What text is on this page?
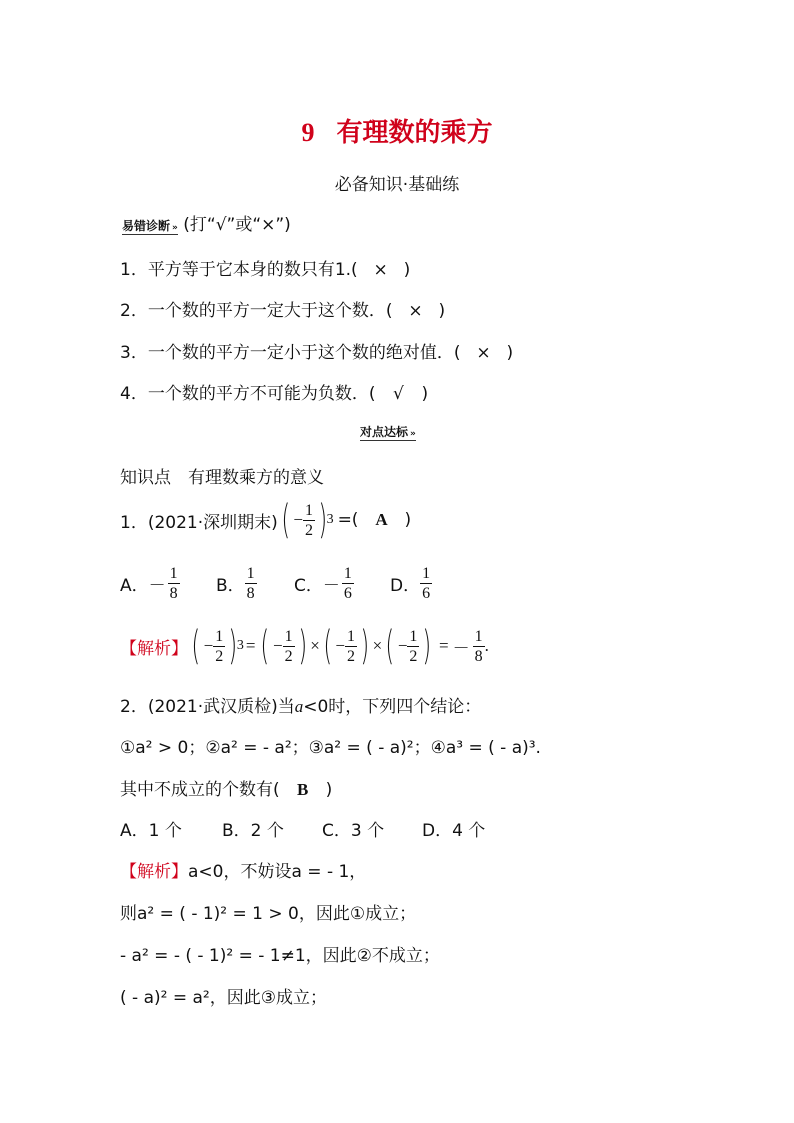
9 有理数的乘方
必备知识·基础练
易错诊断 » (打“√”或“×”)
1．平方等于它本身的数只有1.( × )
2．一个数的平方一定大于这个数．( × )
3．一个数的平方一定小于这个数的绝对值．( × )
4．一个数的平方不可能为负数．( √ )
对点达标 »
知识点　有理数乘方的意义
1．(2021·深圳期末) ( − $\frac{1}{2}$ ) 3 =( A )
A． － $\frac{1}{8}$ B． $\frac{1}{8}$ C． － $\frac{1}{6}$ D． $\frac{1}{6}$
【解析】 ( − $\frac{1}{2}$ ) 3 = ( − $\frac{1}{2}$ ) × ( − $\frac{1}{2}$ ) × ( − $\frac{1}{2}$ ) = － $\frac{1}{8}$ .
2．(2021·武汉质检)当a<0时，下列四个结论：
①a² > 0；②a² = - a²；③a² = ( - a)²；④a³ = ( - a)³.
其中不成立的个数有( B )
A．1 个	B．2 个	C．3 个	D．4 个
【解析】a<0，不妨设a = - 1，
则a² = ( - 1)² = 1 > 0，因此①成立；
- a² = - ( - 1)² = - 1≠1，因此②不成立；
( - a)² = a²，因此③成立；
